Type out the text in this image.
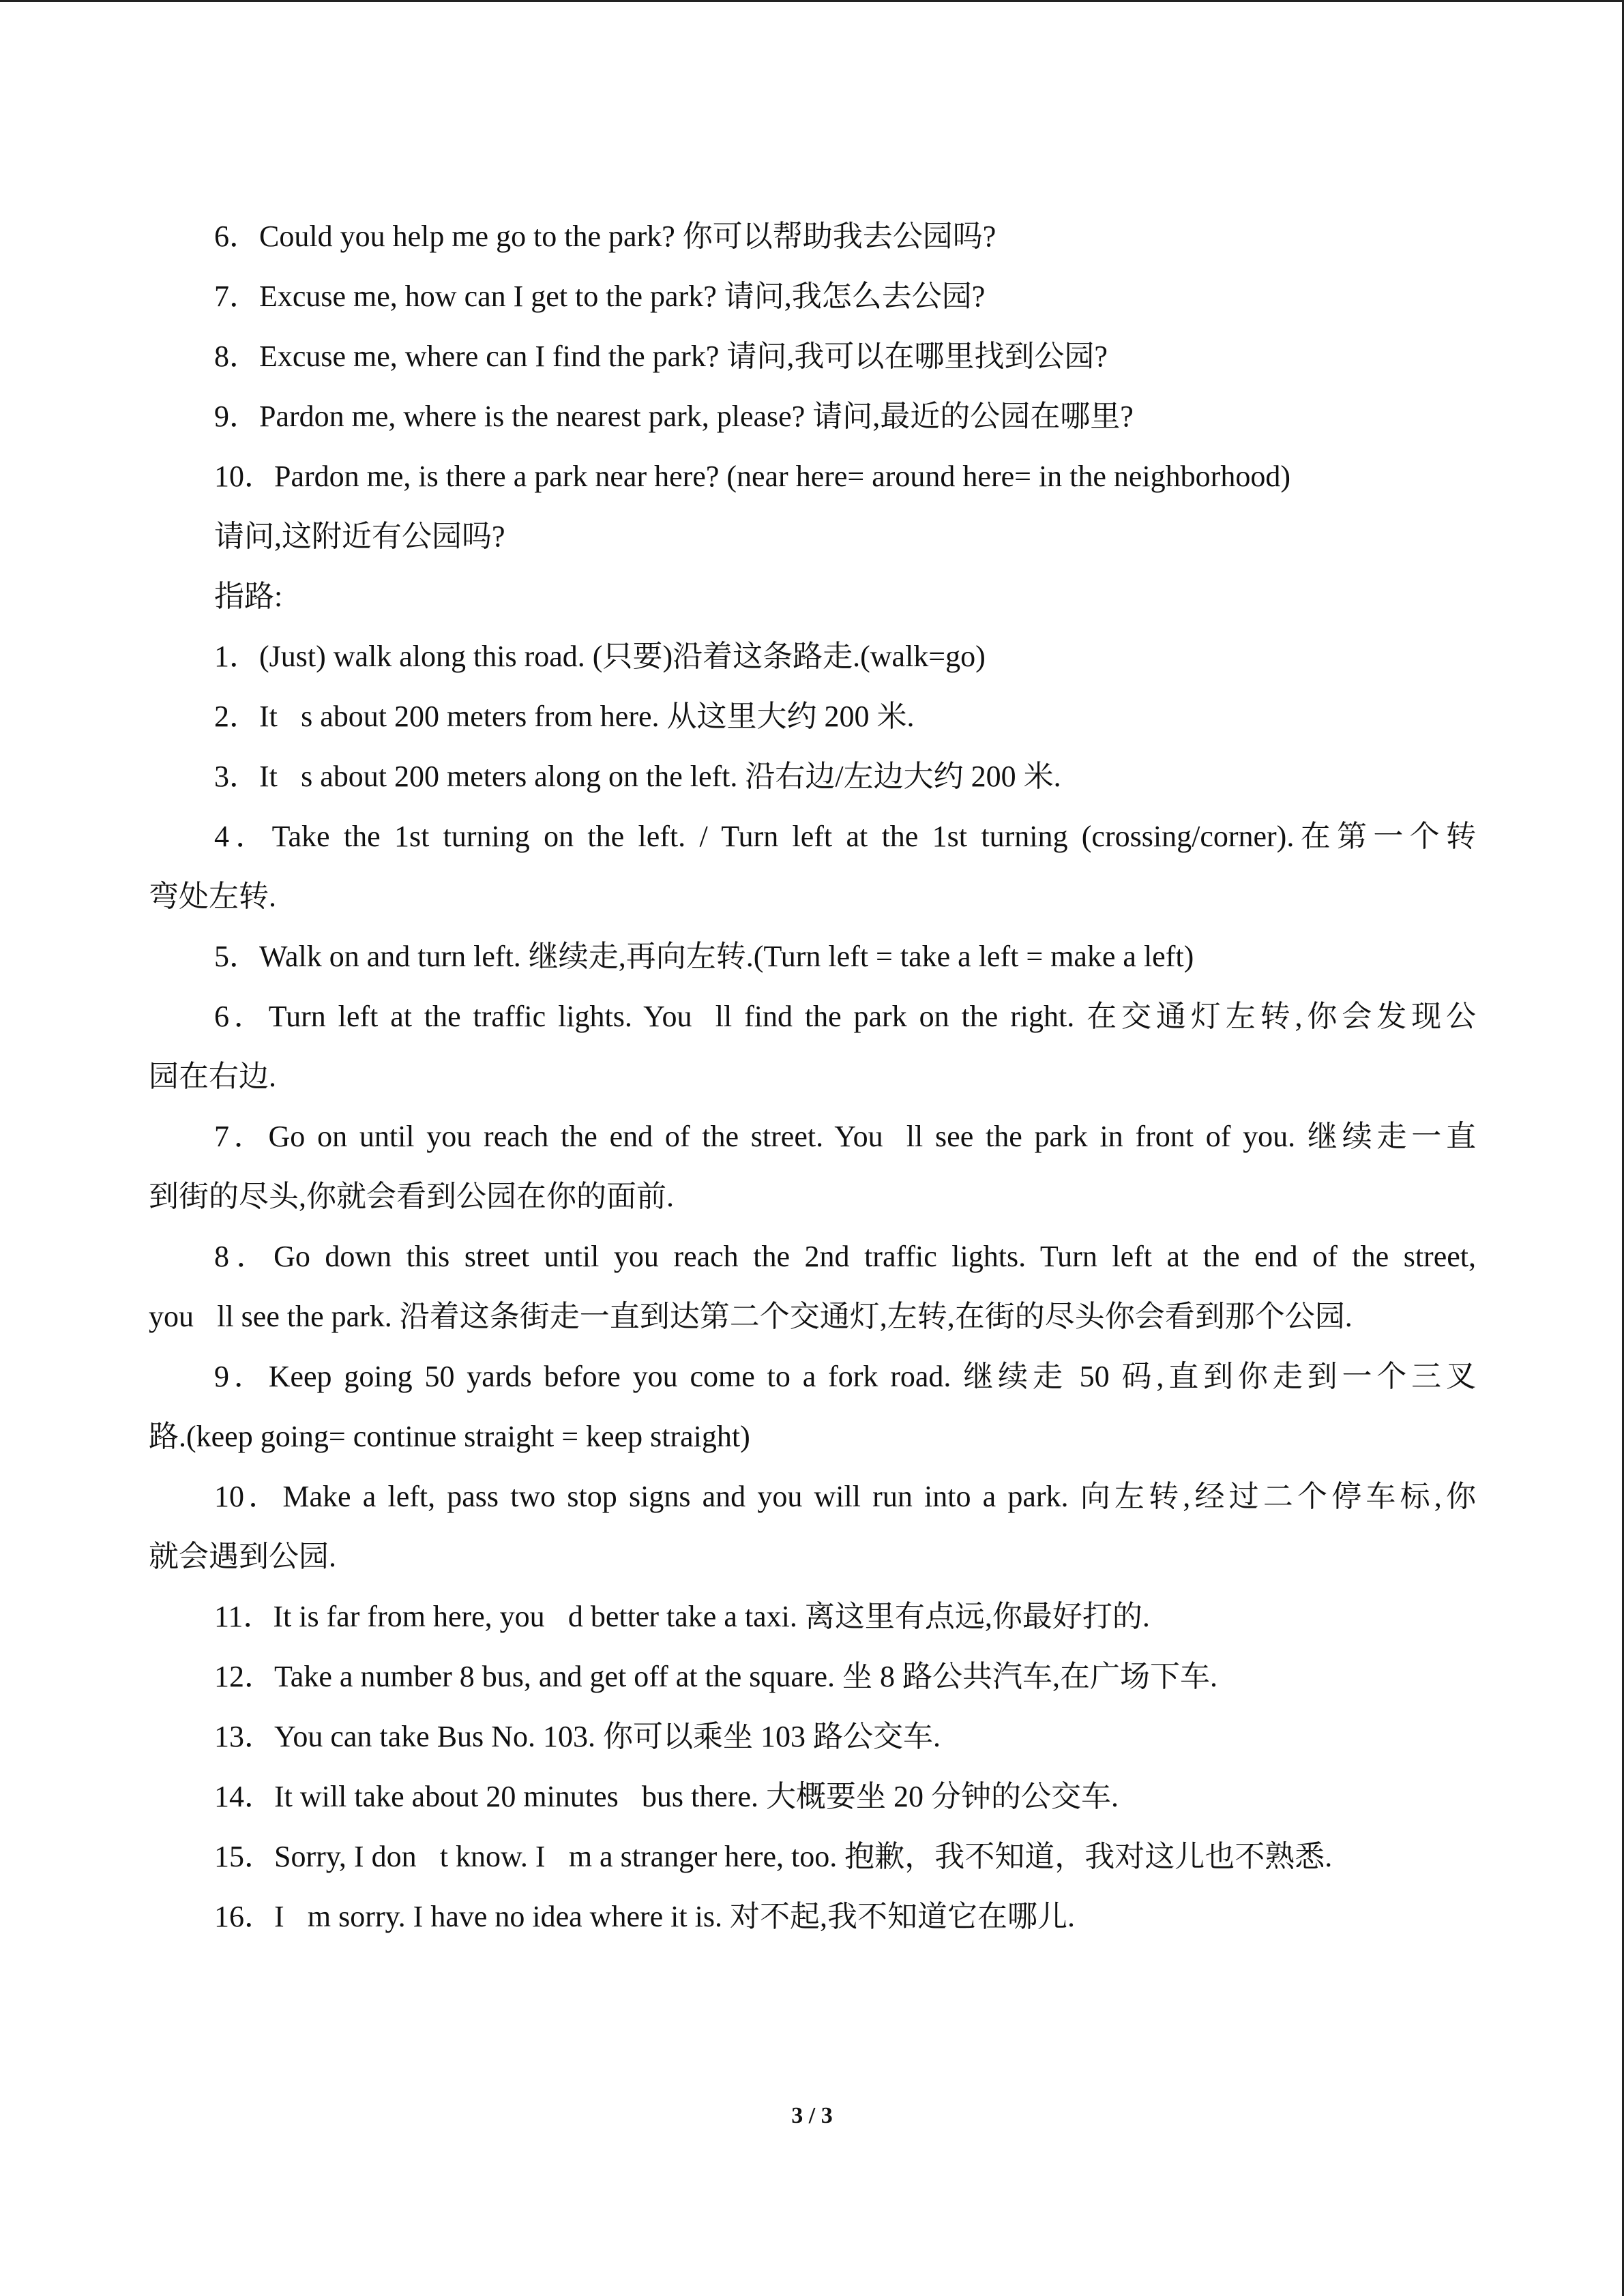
6．Could you help me go to the park? 你可以帮助我去公园吗?
7．Excuse me, how can I get to the park? 请问,我怎么去公园?
8．Excuse me, where can I find the park? 请问,我可以在哪里找到公园?
9．Pardon me, where is the nearest park, please? 请问,最近的公园在哪里?
10．Pardon me, is there a park near here? (near here= around here= in the neighborhood)
请问,这附近有公园吗?
指路:
1．(Just) walk along this road. (只要)沿着这条路走.(walk=go)
2．It s about 200 meters from here. 从这里大约 200 米.
3．It s about 200 meters along on the left. 沿右边/左边大约 200 米.
4．Take the 1st turning on the left. / Turn left at the 1st turning (crossing/corner).在第一个转
弯处左转.
5．Walk on and turn left. 继续走,再向左转.(Turn left = take a left = make a left)
6．Turn left at the traffic lights. You ll find the park on the right. 在交通灯左转,你会发现公
园在右边.
7．Go on until you reach the end of the street. You ll see the park in front of you. 继续走一直
到街的尽头,你就会看到公园在你的面前.
8．Go down this street until you reach the 2nd traffic lights. Turn left at the end of the street,
you ll see the park. 沿着这条街走一直到达第二个交通灯,左转,在街的尽头你会看到那个公园.
9．Keep going 50 yards before you come to a fork road. 继续走 50 码,直到你走到一个三叉
路.(keep going= continue straight = keep straight)
10．Make a left, pass two stop signs and you will run into a park. 向左转,经过二个停车标,你
就会遇到公园.
11．It is far from here, you d better take a taxi. 离这里有点远,你最好打的.
12．Take a number 8 bus, and get off at the square. 坐 8 路公共汽车,在广场下车.
13．You can take Bus No. 103. 你可以乘坐 103 路公交车.
14．It will take about 20 minutes bus there. 大概要坐 20 分钟的公交车.
15．Sorry, I don t know. I m a stranger here, too. 抱歉，我不知道，我对这儿也不熟悉.
16．I m sorry. I have no idea where it is. 对不起,我不知道它在哪儿.
3 / 3
